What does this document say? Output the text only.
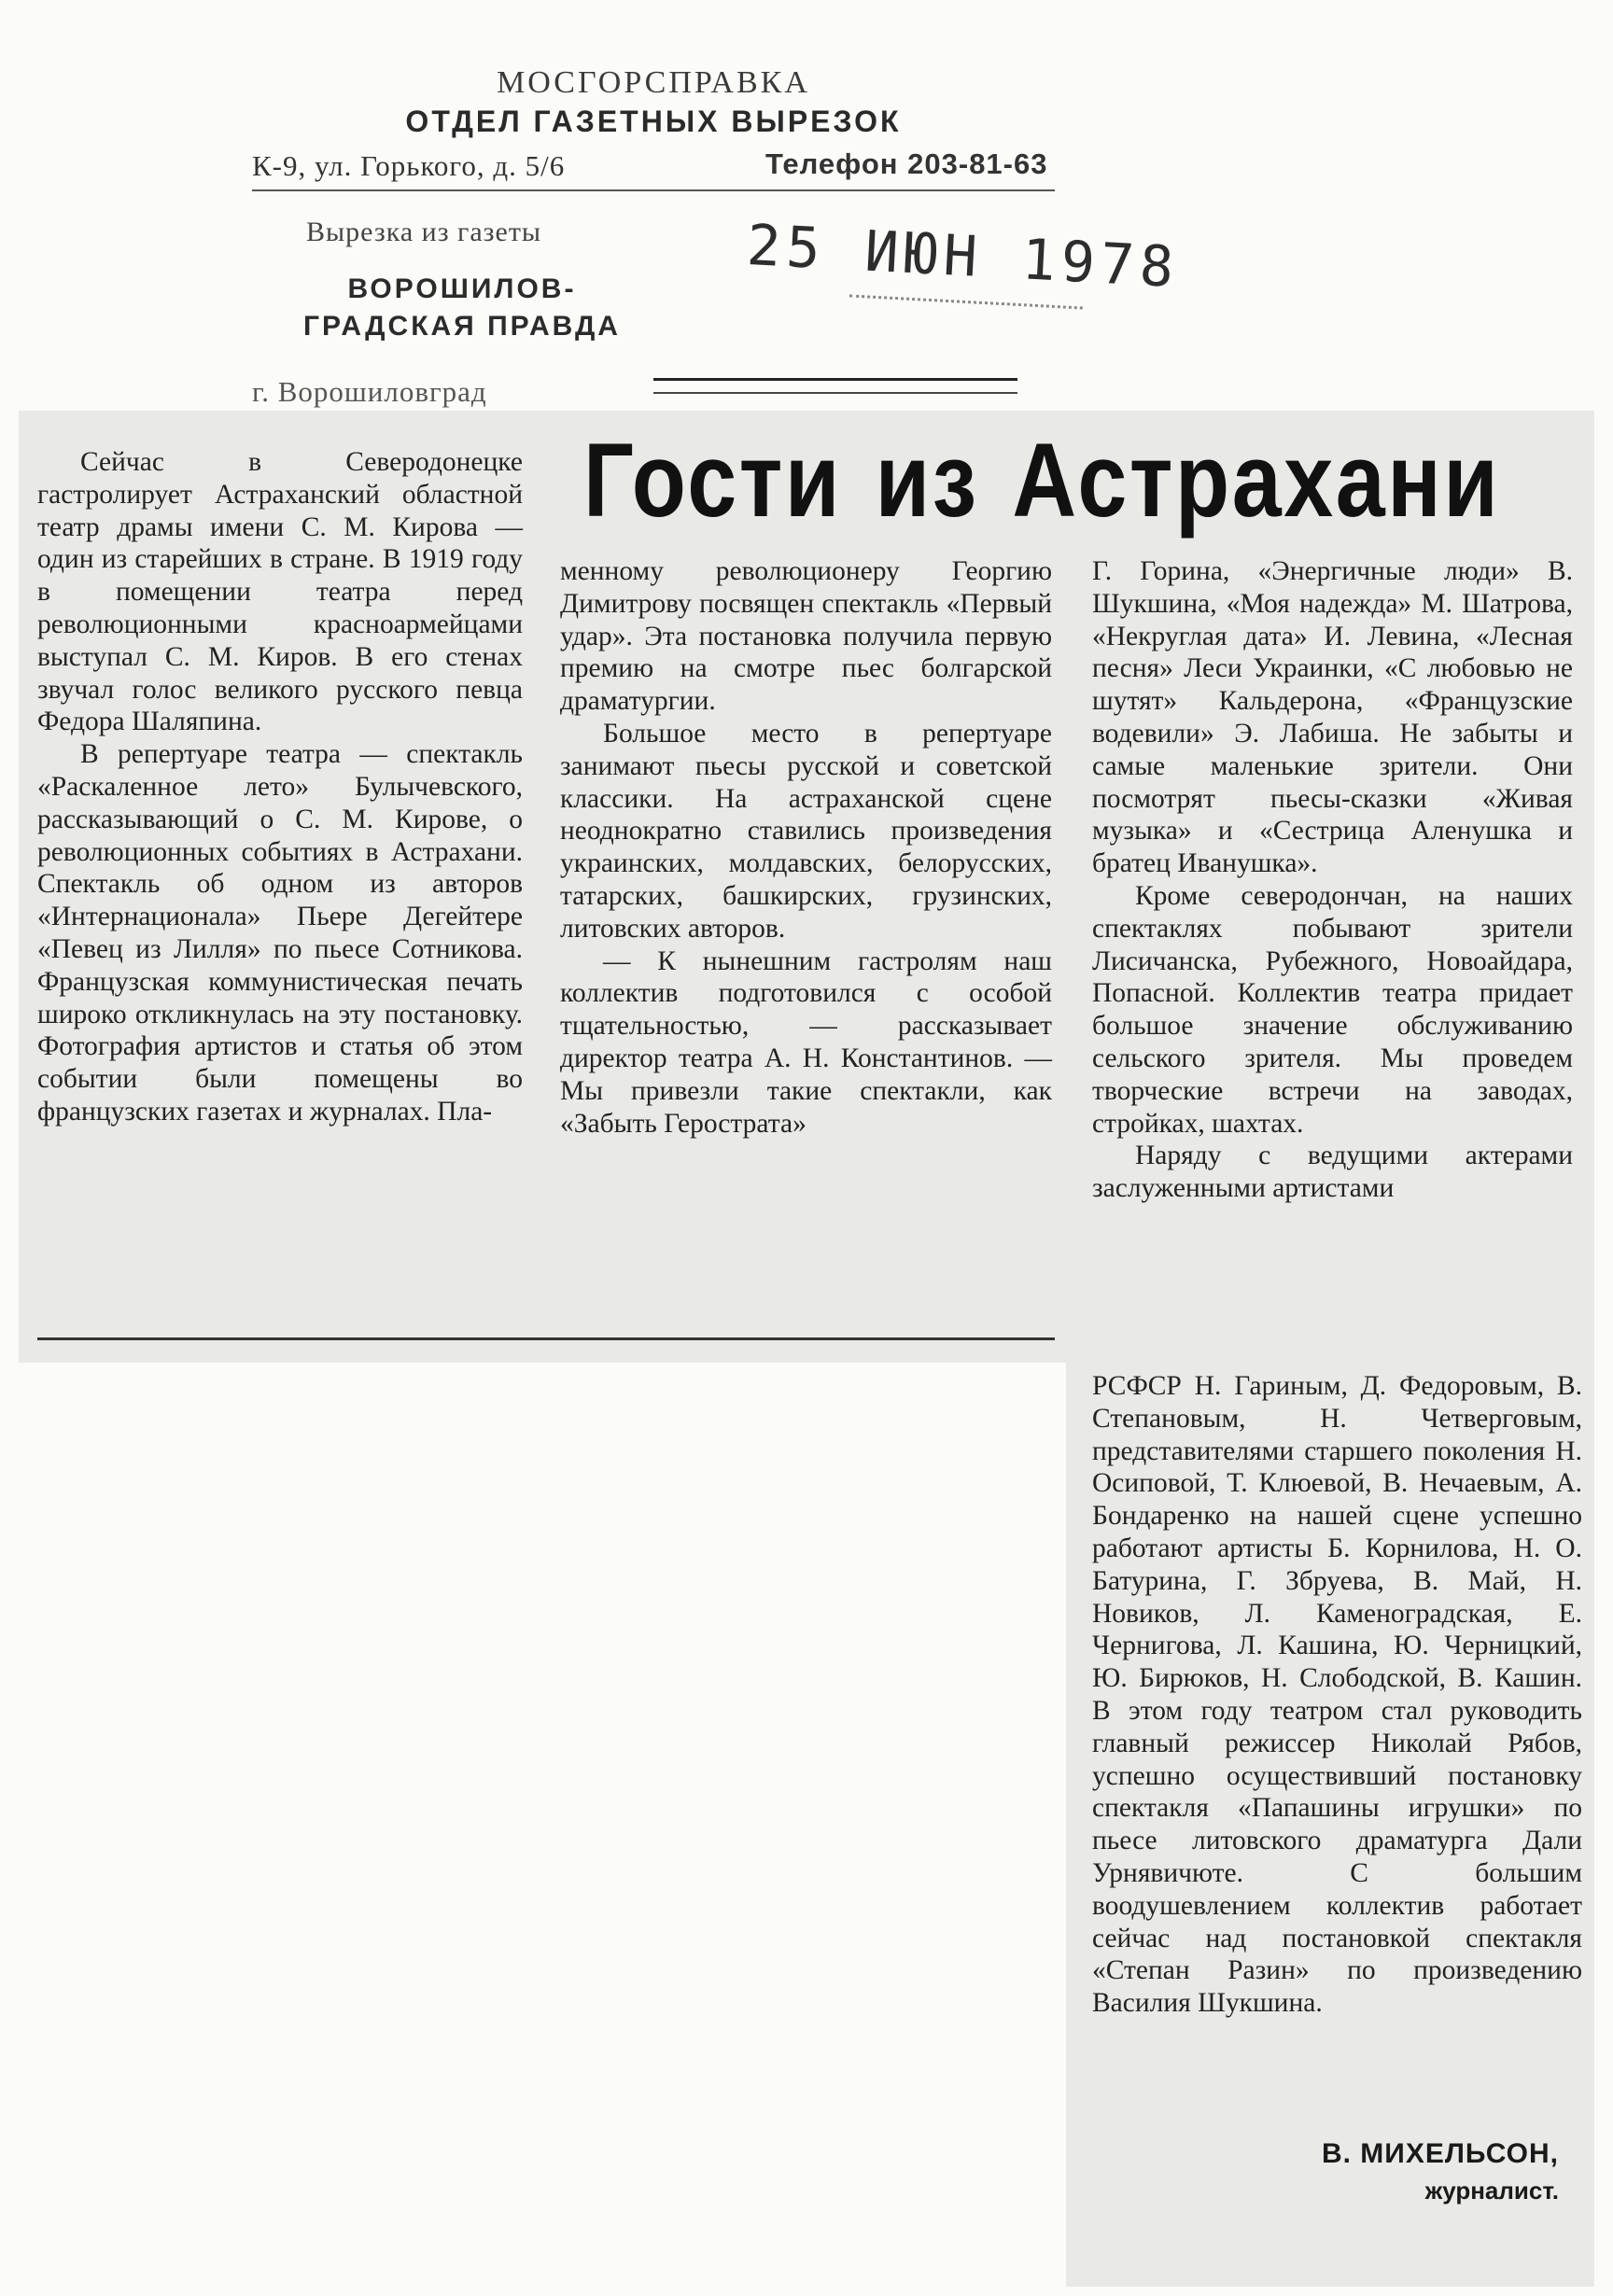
МОСГОРСПРАВКА
ОТДЕЛ ГАЗЕТНЫХ ВЫРЕЗОК
К-9, ул. Горького, д. 5/6	Телефон 203-81-63
Вырезка из газеты
ВОРОШИЛОВ-
ГРАДСКАЯ ПРАВДА
25 ИЮН 1978
г. Ворошиловград
Гости из Астрахани

Сейчас в Северодонецке гастролирует Астраханский областной театр драмы имени С. М. Кирова — один из старейших в стране. В 1919 году в помещении театра перед революционными красноармейцами выступал С. М. Киров. В его стенах звучал голос великого русского певца Федора Шаляпина.

В репертуаре театра — спектакль «Раскаленное лето» Булычевского, рассказывающий о С. М. Кирове, о революционных событиях в Астрахани. Спектакль об одном из авторов «Интернационала» Пьере Дегейтере «Певец из Лилля» по пьесе Сотникова. Французская коммунистическая печать широко откликнулась на эту постановку. Фотография артистов и статья об этом событии были помещены во французских газетах и журналах. Пла-

менному революционеру Георгию Димитрову посвящен спектакль «Первый удар». Эта постановка получила первую премию на смотре пьес болгарской драматургии.

Большое место в репертуаре занимают пьесы русской и советской классики. На астраханской сцене неоднократно ставились произведения украинских, молдавских, белорусских, татарских, башкирских, грузинских, литовских авторов.

— К нынешним гастролям наш коллектив подготовился с особой тщательностью, — рассказывает директор театра А. Н. Константинов. — Мы привезли такие спектакли, как «Забыть Герострата»

Г. Горина, «Энергичные люди» В. Шукшина, «Моя надежда» М. Шатрова, «Некруглая дата» И. Левина, «Лесная песня» Леси Украинки, «С любовью не шутят» Кальдерона, «Французские водевили» Э. Лабиша. Не забыты и самые маленькие зрители. Они посмотрят пьесы-сказки «Живая музыка» и «Сестрица Аленушка и братец Иванушка».

Кроме северодончан, на наших спектаклях побывают зрители Лисичанска, Рубежного, Новоайдара, Попасной. Коллектив театра придает большое значение обслуживанию сельского зрителя. Мы проведем творческие встречи на заводах, стройках, шахтах.

Наряду с ведущими актерами заслуженными артистами

РСФСР Н. Гариным, Д. Федоровым, В. Степановым, Н. Четверговым, представителями старшего поколения Н. Осиповой, Т. Клюевой, В. Нечаевым, А. Бондаренко на нашей сцене успешно работают артисты Б. Корнилова, Н. О. Батурина, Г. Збруева, В. Май, Н. Новиков, Л. Каменоградская, Е. Чернигова, Л. Кашина, Ю. Черницкий, Ю. Бирюков, Н. Слободской, В. Кашин. В этом году театром стал руководить главный режиссер Николай Рябов, успешно осуществивший постановку спектакля «Папашины игрушки» по пьесе литовского драматурга Дали Урнявичюте. С большим воодушевлением коллектив работает сейчас над постановкой спектакля «Степан Разин» по произведению Василия Шукшина.

В. МИХЕЛЬСОН,
журналист.
